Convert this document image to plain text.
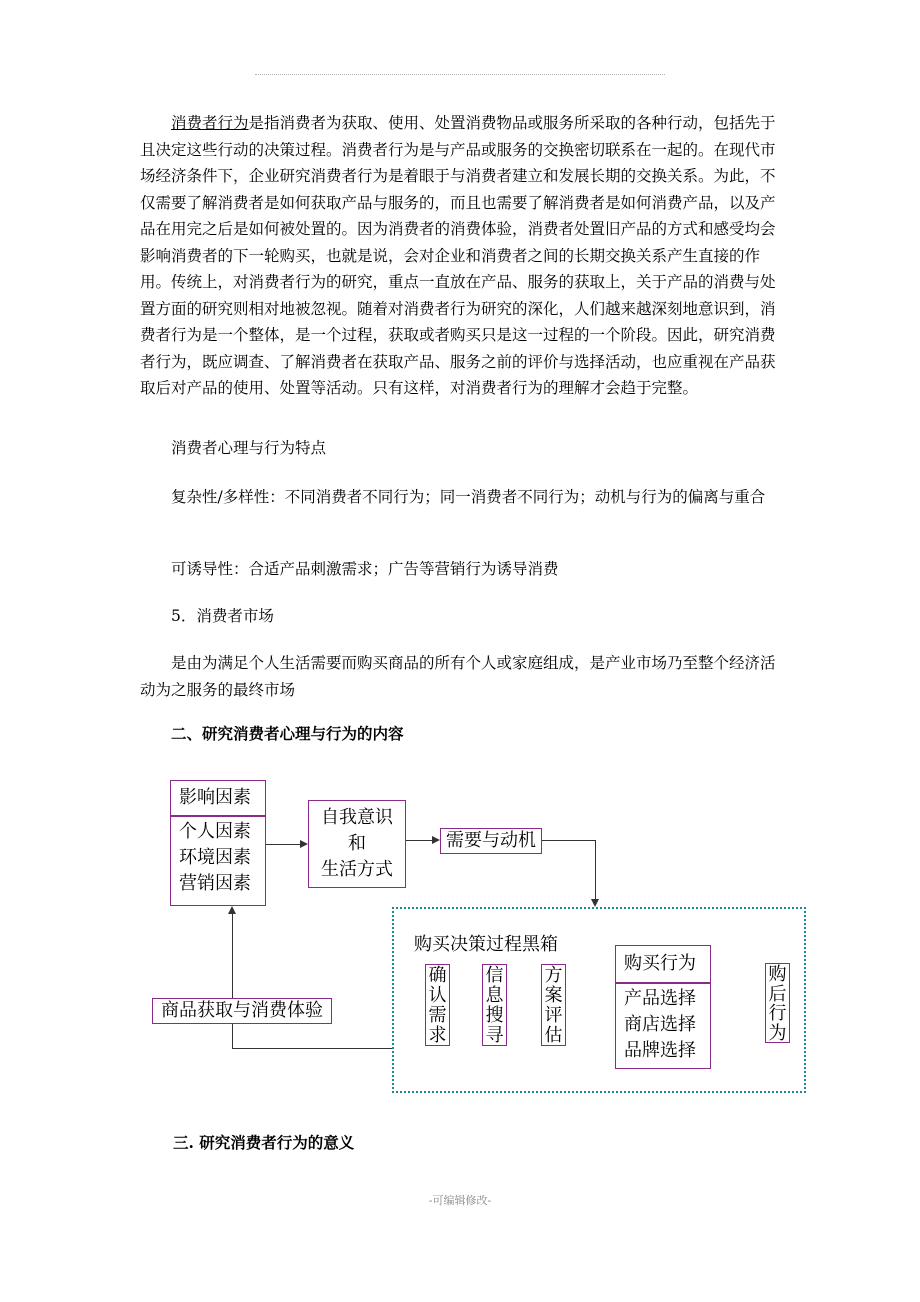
消费者行为是指消费者为获取、使用、处置消费物品或服务所采取的各种行动，包括先于且决定这些行动的决策过程。消费者行为是与产品或服务的交换密切联系在一起的。在现代市场经济条件下，企业研究消费者行为是着眼于与消费者建立和发展长期的交换关系。为此，不仅需要了解消费者是如何获取产品与服务的，而且也需要了解消费者是如何消费产品，以及产品在用完之后是如何被处置的。因为消费者的消费体验，消费者处置旧产品的方式和感受均会影响消费者的下一轮购买，也就是说，会对企业和消费者之间的长期交换关系产生直接的作用。传统上，对消费者行为的研究，重点一直放在产品、服务的获取上，关于产品的消费与处置方面的研究则相对地被忽视。随着对消费者行为研究的深化，人们越来越深刻地意识到，消费者行为是一个整体，是一个过程，获取或者购买只是这一过程的一个阶段。因此，研究消费者行为，既应调查、了解消费者在获取产品、服务之前的评价与选择活动，也应重视在产品获取后对产品的使用、处置等活动。只有这样，对消费者行为的理解才会趋于完整。

消费者心理与行为特点

复杂性/多样性：不同消费者不同行为；同一消费者不同行为；动机与行为的偏离与重合

可诱导性：合适产品刺激需求；广告等营销行为诱导消费

5．消费者市场

是由为满足个人生活需要而购买商品的所有个人或家庭组成，是产业市场乃至整个经济活动为之服务的最终市场

二、研究消费者心理与行为的内容

影响因素
个人因素
环境因素
营销因素
自我意识
和
生活方式
需要与动机
购买决策过程黑箱
确
认
需
求
信
息
搜
寻
方
案
评
估
购买行为
产品选择
商店选择
品牌选择
购
后
行
为
商品获取与消费体验

三. 研究消费者行为的意义

-可编辑修改-
